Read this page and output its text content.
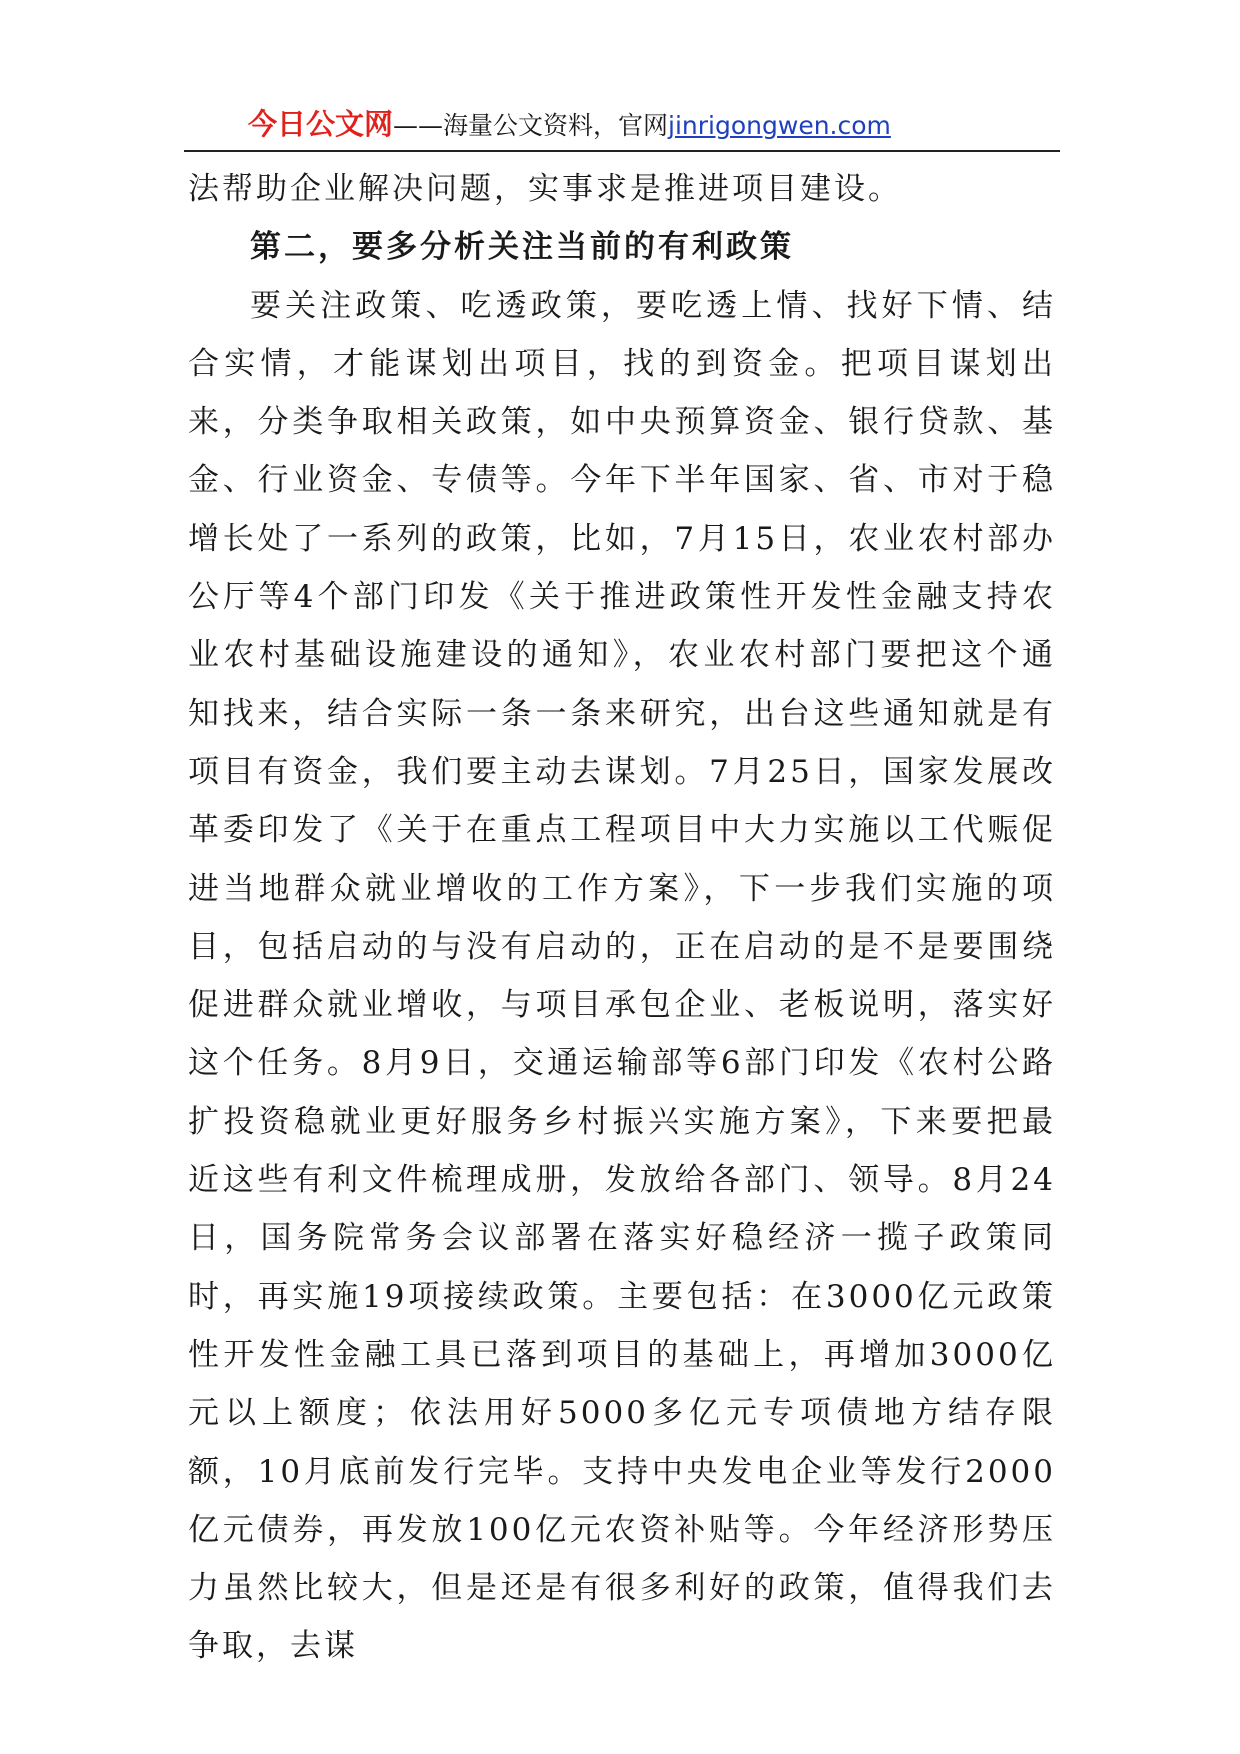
今日公文网——海量公文资料，官网jinrigongwen.com

法帮助企业解决问题，实事求是推进项目建设。

第二，要多分析关注当前的有利政策

要关注政策、吃透政策，要吃透上情、找好下情、结合实情，才能谋划出项目，找的到资金。把项目谋划出来，分类争取相关政策，如中央预算资金、银行贷款、基金、行业资金、专债等。今年下半年国家、省、市对于稳增长处了一系列的政策，比如，7月15日，农业农村部办公厅等4个部门印发《关于推进政策性开发性金融支持农业农村基础设施建设的通知》，农业农村部门要把这个通知找来，结合实际一条一条来研究，出台这些通知就是有项目有资金，我们要主动去谋划。7月25日，国家发展改革委印发了《关于在重点工程项目中大力实施以工代赈促进当地群众就业增收的工作方案》，下一步我们实施的项目，包括启动的与没有启动的，正在启动的是不是要围绕促进群众就业增收，与项目承包企业、老板说明，落实好这个任务。8月9日，交通运输部等6部门印发《农村公路扩投资稳就业更好服务乡村振兴实施方案》，下来要把最近这些有利文件梳理成册，发放给各部门、领导。8月24日，国务院常务会议部署在落实好稳经济一揽子政策同时，再实施19项接续政策。主要包括：在3000亿元政策性开发性金融工具已落到项目的基础上，再增加3000亿元以上额度；依法用好5000多亿元专项债地方结存限额，10月底前发行完毕。支持中央发电企业等发行2000亿元债券，再发放100亿元农资补贴等。今年经济形势压力虽然比较大，但是还是有很多利好的政策，值得我们去争取，去谋
